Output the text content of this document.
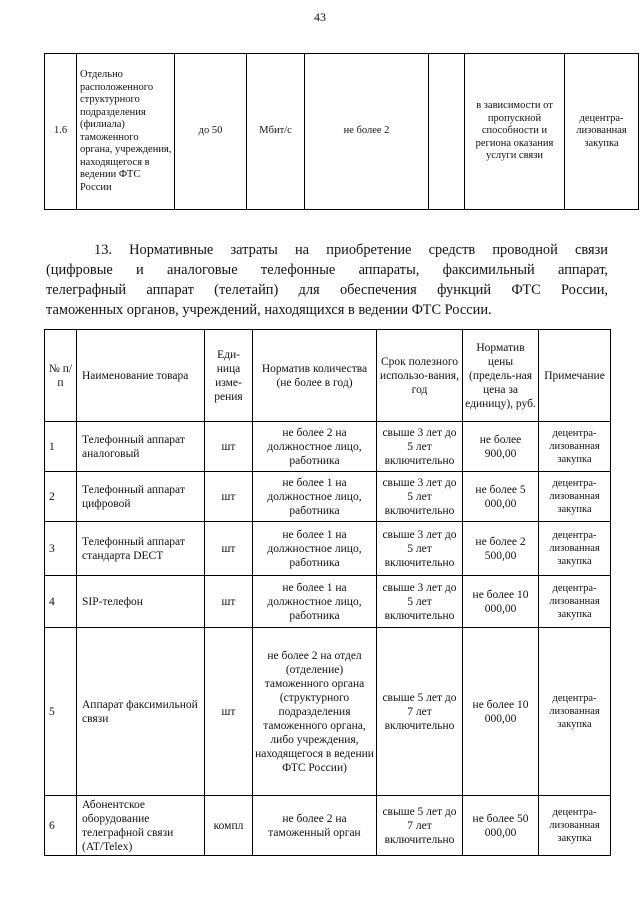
43
1.6	Отдельно расположенного структурного подразделения (филиала) таможенного органа, учреждения, находящегося в ведении ФТС России	до 50	Мбит/с	не более 2		в зависимости от пропускной способности и региона оказания услуги связи	децентра-лизованная закупка
13. Нормативные затраты на приобретение средств проводной связи
(цифровые и аналоговые телефонные аппараты, факсимильный аппарат,
телеграфный аппарат (телетайп) для обеспечения функций ФТС России,
таможенных органов, учреждений, находящихся в ведении ФТС России.
№ п/п	Наименование товара	Еди-ница изме-рения	Норматив количества (не более в год)	Срок полезного использо-вания, год	Норматив цены (предель-ная цена за единицу), руб.	Примечание
1	Телефонный аппарат аналоговый	шт	не более 2 на должностное лицо, работника	свыше 3 лет до 5 лет включительно	не более 900,00	децентра-лизованная закупка
2	Телефонный аппарат цифровой	шт	не более 1 на должностное лицо, работника	свыше 3 лет до 5 лет включительно	не более 5 000,00	децентра-лизованная закупка
3	Телефонный аппарат стандарта DECT	шт	не более 1 на должностное лицо, работника	свыше 3 лет до 5 лет включительно	не более 2 500,00	децентра-лизованная закупка
4	SIP-телефон	шт	не более 1 на должностное лицо, работника	свыше 3 лет до 5 лет включительно	не более 10 000,00	децентра-лизованная закупка
5	Аппарат факсимильной связи	шт	не более 2 на отдел (отделение) таможенного органа (структурного подразделения таможенного органа, либо учреждения, находящегося в ведении ФТС России)	свыше 5 лет до 7 лет включительно	не более 10 000,00	децентра-лизованная закупка
6	Абонентское оборудование телеграфной связи (AT/Telex)	компл	не более 2 на таможенный орган	свыше 5 лет до 7 лет включительно	не более 50 000,00	децентра-лизованная закупка
